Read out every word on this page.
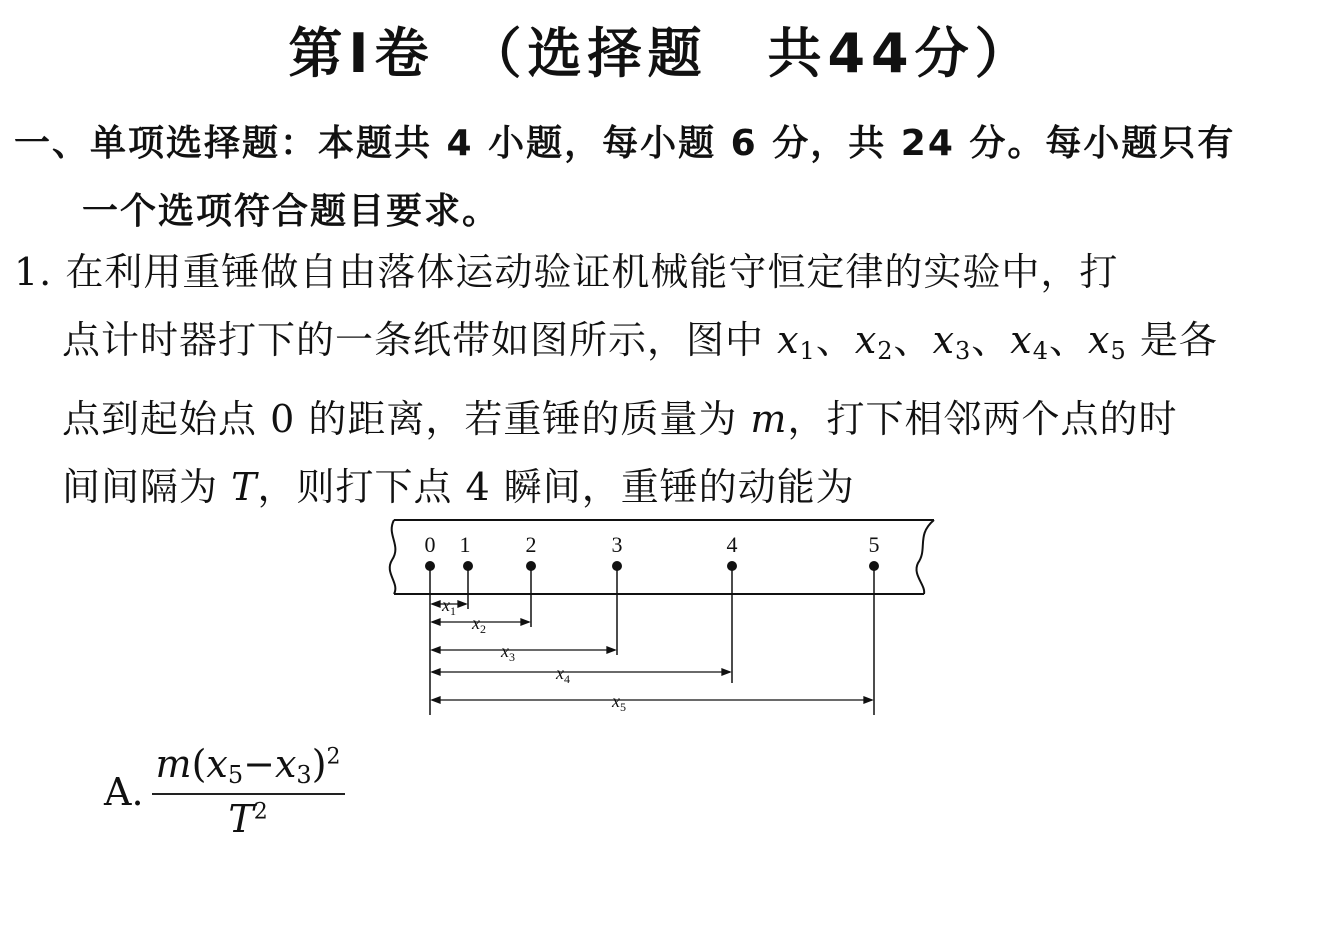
第Ⅰ卷　（选择题　共44分）
一、单项选择题：本题共 4 小题，每小题 6 分，共 24 分。每小题只有
一个选项符合题目要求。
1. 在利用重锤做自由落体运动验证机械能守恒定律的实验中，打
点计时器打下的一条纸带如图所示，图中 $x_1$、$x_2$、$x_3$、$x_4$、$x_5$ 是各
点到起始点 0 的距离，若重锤的质量为 m，打下相邻两个点的时
间间隔为 T，则打下点 4 瞬间，重锤的动能为
0 1	2	3	4	5
$x_1$
$x_2$
$x_3$
$x_4$
$x_5$
A. $\frac{m(x_5-x_3)^2}{T^2}$
